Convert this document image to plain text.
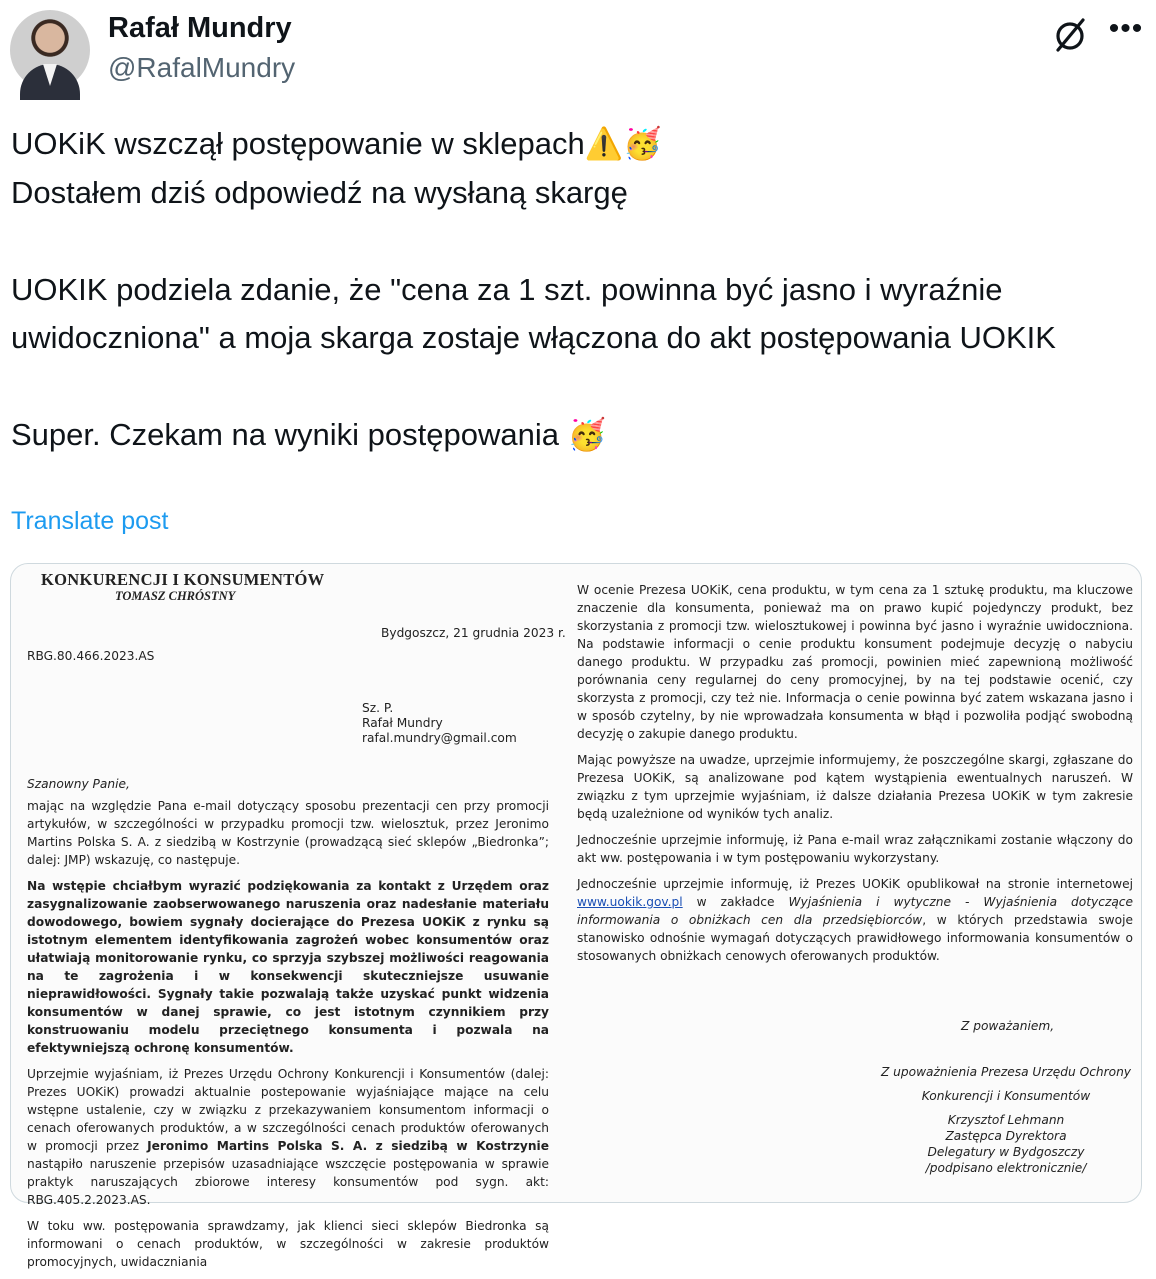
Rafał Mundry
@RafalMundry
•••
UOKiK wszczął postępowanie w sklepach⚠️🥳
Dostałem dziś odpowiedź na wysłaną skargę

UOKIK podziela zdanie, że "cena za 1 szt. powinna być jasno i wyraźnie uwidoczniona" a moja skarga zostaje włączona do akt postępowania UOKIK

Super. Czekam na wyniki postępowania 🥳
Translate post
KONKURENCJI I KONSUMENTÓW
TOMASZ CHRÓSTNY
Bydgoszcz, 21 grudnia 2023 r.
RBG.80.466.2023.AS
Sz. P.
Rafał Mundry
rafal.mundry@gmail.com
Szanowny Panie,

mając na względzie Pana e-mail dotyczący sposobu prezentacji cen przy promocji artykułów, w szczególności w przypadku promocji tzw. wielosztuk, przez Jeronimo Martins Polska S. A. z siedzibą w Kostrzynie (prowadzącą sieć sklepów „Biedronka”; dalej: JMP) wskazuję, co następuje.

Na wstępie chciałbym wyrazić podziękowania za kontakt z Urzędem oraz zasygnalizowanie zaobserwowanego naruszenia oraz nadesłanie materiału dowodowego, bowiem sygnały docierające do Prezesa UOKiK z rynku są istotnym elementem identyfikowania zagrożeń wobec konsumentów oraz ułatwiają monitorowanie rynku, co sprzyja szybszej możliwości reagowania na te zagrożenia i w konsekwencji skuteczniejsze usuwanie nieprawidłowości. Sygnały takie pozwalają także uzyskać punkt widzenia konsumentów w danej sprawie, co jest istotnym czynnikiem przy konstruowaniu modelu przeciętnego konsumenta i pozwala na efektywniejszą ochronę konsumentów.

Uprzejmie wyjaśniam, iż Prezes Urzędu Ochrony Konkurencji i Konsumentów (dalej: Prezes UOKiK) prowadzi aktualnie postepowanie wyjaśniające mające na celu wstępne ustalenie, czy w związku z przekazywaniem konsumentom informacji o cenach oferowanych produktów, a w szczególności cenach produktów oferowanych w promocji przez Jeronimo Martins Polska S. A. z siedzibą w Kostrzynie nastąpiło naruszenie przepisów uzasadniające wszczęcie postępowania w sprawie praktyk naruszających zbiorowe interesy konsumentów pod sygn. akt: RBG.405.2.2023.AS.

W toku ww. postępowania sprawdzamy, jak klienci sieci sklepów Biedronka są informowani o cenach produktów, w szczególności w zakresie produktów promocyjnych, uwidaczniania

W ocenie Prezesa UOKiK, cena produktu, w tym cena za 1 sztukę produktu, ma kluczowe znaczenie dla konsumenta, ponieważ ma on prawo kupić pojedynczy produkt, bez skorzystania z promocji tzw. wielosztukowej i powinna być jasno i wyraźnie uwidoczniona. Na podstawie informacji o cenie produktu konsument podejmuje decyzję o nabyciu danego produktu. W przypadku zaś promocji, powinien mieć zapewnioną możliwość porównania ceny regularnej do ceny promocyjnej, by na tej podstawie ocenić, czy skorzysta z promocji, czy też nie. Informacja o cenie powinna być zatem wskazana jasno i w sposób czytelny, by nie wprowadzała konsumenta w błąd i pozwoliła podjąć swobodną decyzję o zakupie danego produktu.

Mając powyższe na uwadze, uprzejmie informujemy, że poszczególne skargi, zgłaszane do Prezesa UOKiK, są analizowane pod kątem wystąpienia ewentualnych naruszeń. W związku z tym uprzejmie wyjaśniam, iż dalsze działania Prezesa UOKiK w tym zakresie będą uzależnione od wyników tych analiz.

Jednocześnie uprzejmie informuję, iż Pana e-mail wraz załącznikami zostanie włączony do akt ww. postępowania i w tym postępowaniu wykorzystany.

Jednocześnie uprzejmie informuję, iż Prezes UOKiK opublikował na stronie internetowej www.uokik.gov.pl w zakładce Wyjaśnienia i wytyczne - Wyjaśnienia dotyczące informowania o obniżkach cen dla przedsiębiorców, w których przedstawia swoje stanowisko odnośnie wymagań dotyczących prawidłowego informowania konsumentów o stosowanych obniżkach cenowych oferowanych produktów.

Z poważaniem,
Z upoważnienia Prezesa Urzędu Ochrony
Konkurencji i Konsumentów
Krzysztof Lehmann
Zastępca Dyrektora
Delegatury w Bydgoszczy
/podpisano elektronicznie/
